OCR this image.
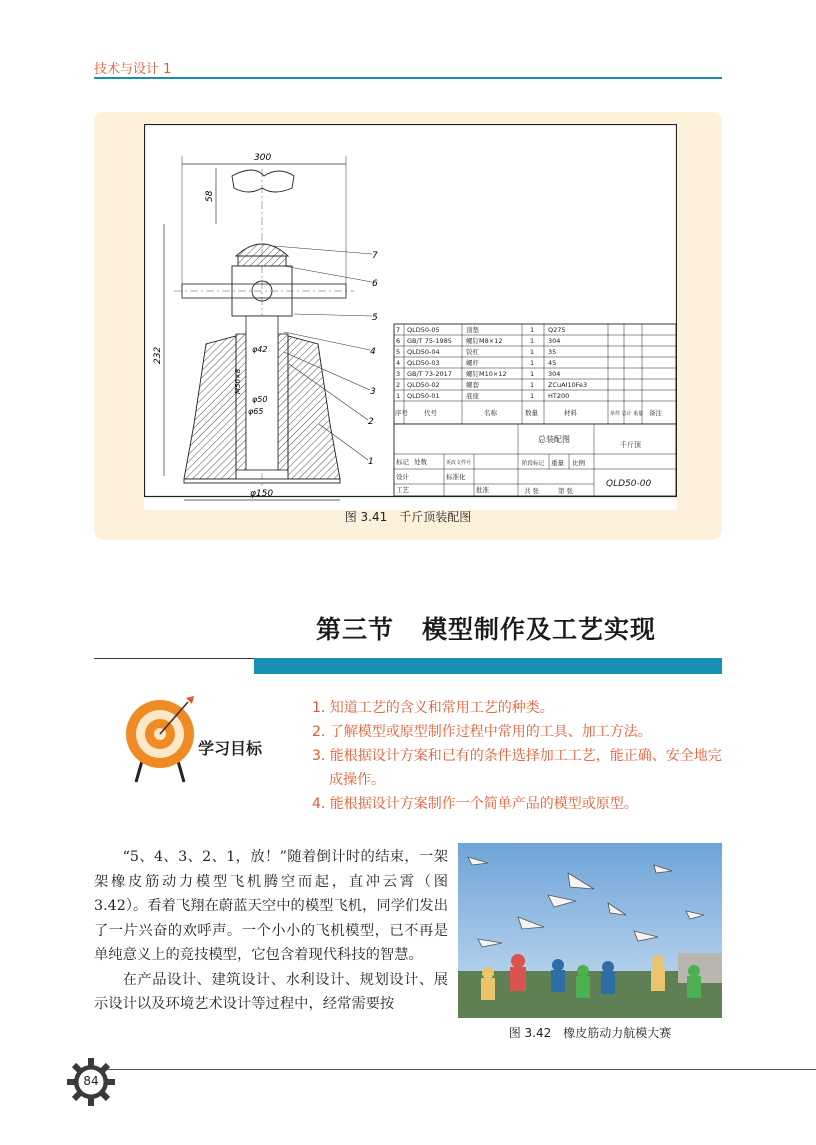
技术与设计 1
300
58
232	φ42
φ50
φ65
M50×8
φ150
7
6
5
4
3
2
1
7 QLD50-05	顶垫	1 Q275
6 GB/T 75-1985 螺钉M8×12	1 304
5 QLD50-04	铰杠	1 35
4 QLD50-03	螺杆	1 45
3 GB/T 73-2017 螺钉M10×12	1 304
2 QLD50-02	螺套	1 ZCuAl10Fe3
1 QLD50-01	底座	1 HT200
序号 代号	名称	数量	材料	单件 总计 重量 备注
标记 处数	更改文件号
设计	标准化
工艺	批准
阶段标记 重量 比例
共 张	第 张
总装配图
千斤顶
QLD50-00
图 3.41 千斤顶装配图
第三节 模型制作及工艺实现
学习目标
1. 知道工艺的含义和常用工艺的种类。
2. 了解模型或原型制作过程中常用的工具、加工方法。
3. 能根据设计方案和已有的条件选择加工工艺，能正确、安全地完成操作。
4. 能根据设计方案制作一个简单产品的模型或原型。

“5、4、3、2、1，放！”随着倒计时的结束，一架架橡皮筋动力模型飞机腾空而起，直冲云霄（图 3.42）。看着飞翔在蔚蓝天空中的模型飞机，同学们发出了一片兴奋的欢呼声。一个小小的飞机模型，已不再是单纯意义上的竞技模型，它包含着现代科技的智慧。

在产品设计、建筑设计、水利设计、规划设计、展示设计以及环境艺术设计等过程中，经常需要按

图 3.42 橡皮筋动力航模大赛
84
